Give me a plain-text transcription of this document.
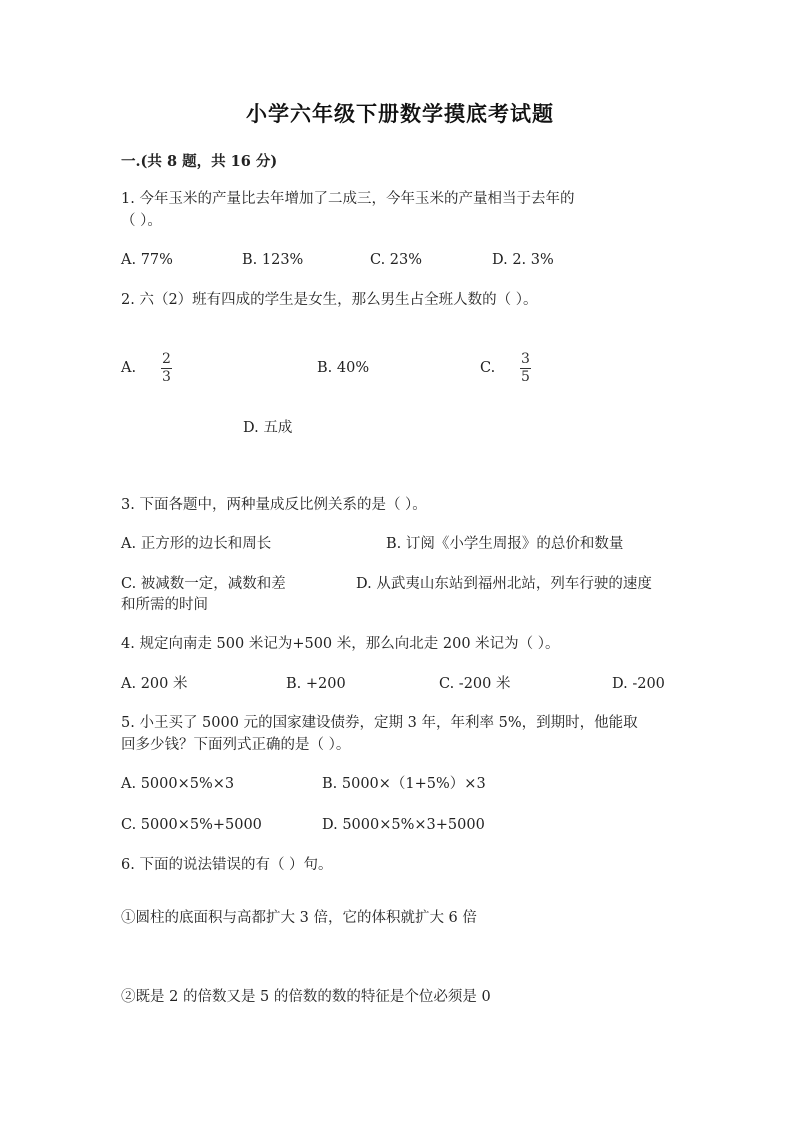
小学六年级下册数学摸底考试题
一.(共 8 题，共 16 分)
1. 今年玉米的产量比去年增加了二成三，今年玉米的产量相当于去年的
（ ）。
A. 77%	B. 123%	C. 23%	D. 2. 3%
2. 六（2）班有四成的学生是女生，那么男生占全班人数的（ ）。
A.
2
3
B. 40%	C.
3
5
D. 五成
3. 下面各题中，两种量成反比例关系的是（ ）。
A. 正方形的边长和周长	B. 订阅《小学生周报》的总价和数量
C. 被减数一定，减数和差	D. 从武夷山东站到福州北站，列车行驶的速度
和所需的时间
4. 规定向南走 500 米记为+500 米，那么向北走 200 米记为（ ）。
A. 200 米	B. +200	C. -200 米	D. -200
5. 小王买了 5000 元的国家建设债券，定期 3 年，年利率 5%，到期时，他能取
回多少钱？下面列式正确的是（ ）。
A. 5000×5%×3	B. 5000×（1+5%）×3
C. 5000×5%+5000	D. 5000×5%×3+5000
6. 下面的说法错误的有（ ）句。
①圆柱的底面积与高都扩大 3 倍，它的体积就扩大 6 倍
②既是 2 的倍数又是 5 的倍数的数的特征是个位必须是 0
